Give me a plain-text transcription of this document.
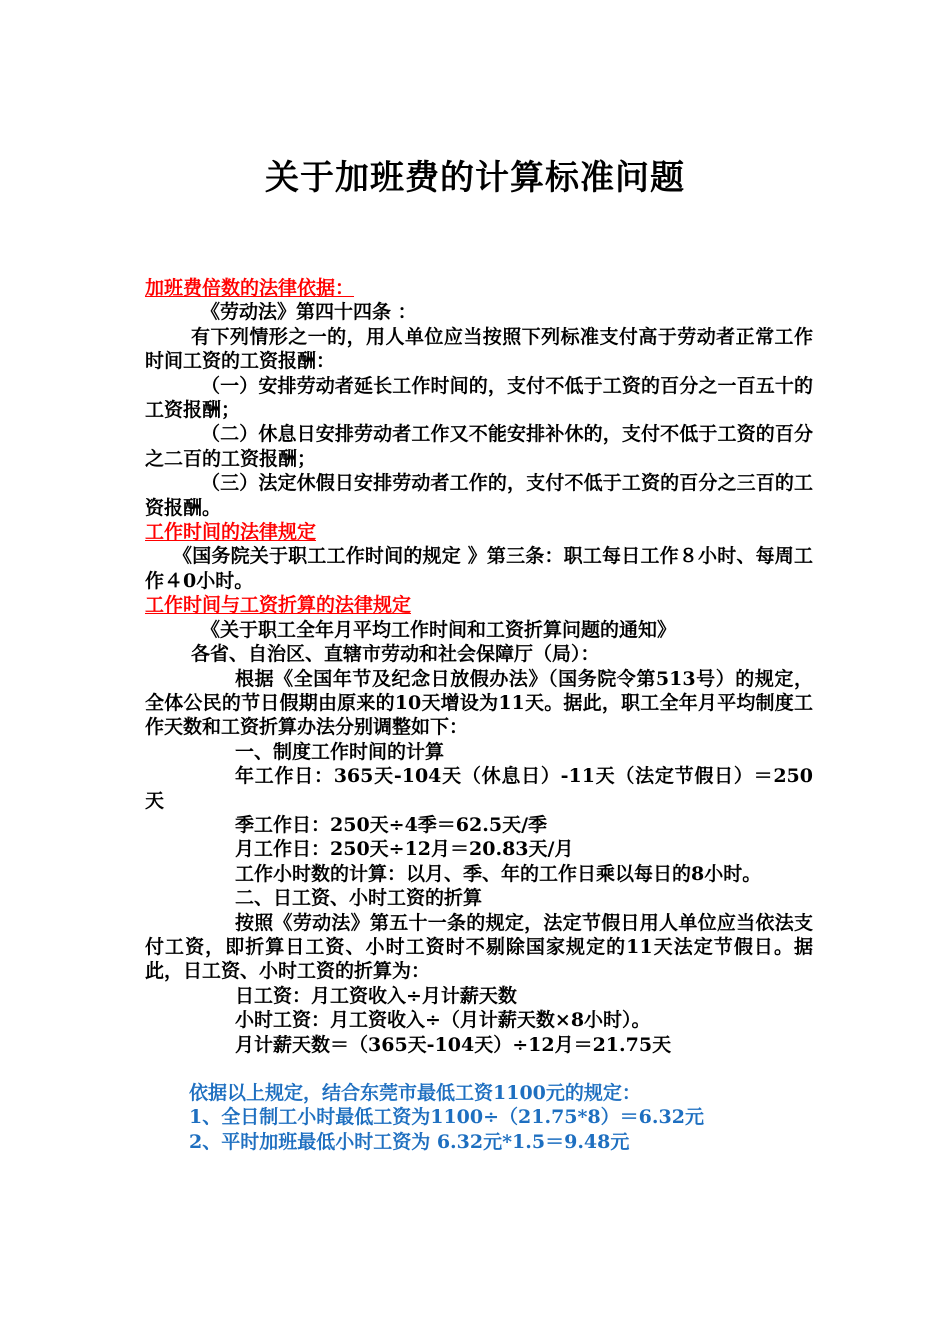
关于加班费的计算标准问题

加班费倍数的法律依据：

《劳动法》第四十四条 ：

有下列情形之一的，用人单位应当按照下列标准支付高于劳动者正常工作时间工资的工资报酬：

（一）安排劳动者延长工作时间的，支付不低于工资的百分之一百五十的工资报酬；

（二）休息日安排劳动者工作又不能安排补休的，支付不低于工资的百分之二百的工资报酬；

（三）法定休假日安排劳动者工作的，支付不低于工资的百分之三百的工资报酬。

工作时间的法律规定

《国务院关于职工工作时间的规定 》第三条：职工每日工作８小时、每周工作４0小时。

工作时间与工资折算的法律规定

《关于职工全年月平均工作时间和工资折算问题的通知》

各省、自治区、直辖市劳动和社会保障厅（局）：

根据《全国年节及纪念日放假办法》（国务院令第513号）的规定，全体公民的节日假期由原来的10天增设为11天。据此，职工全年月平均制度工作天数和工资折算办法分别调整如下：

一、制度工作时间的计算

年工作日：365天-104天（休息日）-11天（法定节假日）＝250天

季工作日：250天÷4季＝62.5天/季

月工作日：250天÷12月＝20.83天/月

工作小时数的计算：以月、季、年的工作日乘以每日的8小时。

二、日工资、小时工资的折算

按照《劳动法》第五十一条的规定，法定节假日用人单位应当依法支付工资，即折算日工资、小时工资时不剔除国家规定的11天法定节假日。据此，日工资、小时工资的折算为：

日工资：月工资收入÷月计薪天数

小时工资：月工资收入÷（月计薪天数×8小时）。

月计薪天数＝（365天-104天）÷12月＝21.75天

依据以上规定，结合东莞市最低工资1100元的规定：

1、全日制工小时最低工资为1100÷（21.75*8）＝6.32元

2、平时加班最低小时工资为 6.32元*1.5＝9.48元
